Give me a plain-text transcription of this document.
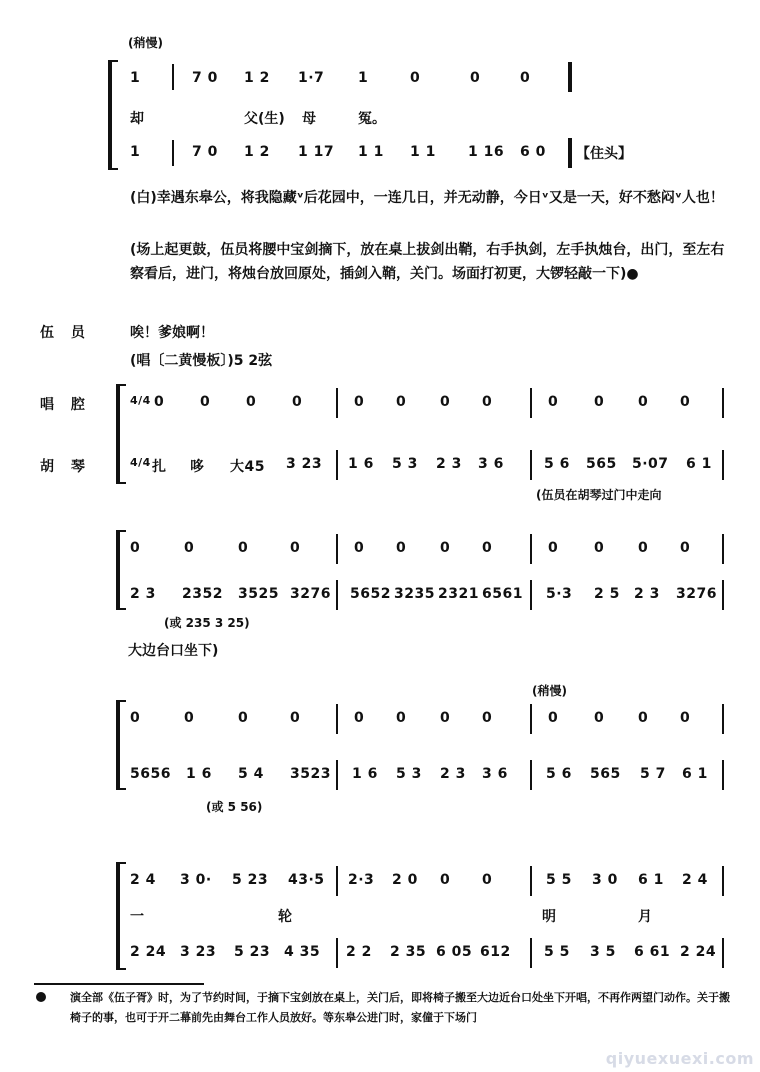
(稍慢)
1	7 0 1 2 1·7 1	0	0	0
却	父(生) 母	冤。
1	7 0 1 2 1 17 1 1 1 1 1 16 6 0 【住头】
(白)幸遇东皋公，将我隐藏ᵛ后花园中，一连几日，并无动静，今日ᵛ又是一天，好不愁闷ᵛ人也！
(场上起更鼓，伍员将腰中宝剑摘下，放在桌上拔剑出鞘，右手执剑，左手执烛台，出门，至左右察看后，进门，将烛台放回原处，插剑入鞘，关门。场面打初更，大锣轻敲一下)●
伍 员	唉！爹娘啊！
(唱〔二黄慢板〕)5 2弦
唱 腔
胡 琴
4/4 0	0	0	0	0 0 0 0	0	0 0 0
4/4 扎 哆 大45 3 23 1 6 5 3 2 3 3 6	5 6 565 5·07 6 1
(伍员在胡琴过门中走向
0	0	0	0	0 0 0 0	0	0 0 0
2 3 2352 3525 3276 5652 3235 2321 6561 5·3 2 5 2 3 3276
(或 235 3 25)
大边台口坐下)
(稍慢)
0	0	0	0	0 0 0 0	0	0 0 0
5656 1 6 5 4 3523 1 6 5 3 2 3 3 6	5 6 565 5 7 6 1
(或 5 56)
2 4 3 0· 5 23 43·5 2·3 2 0 0 0	5 5 3 0 6 1 2 4
一	轮	明	月
2 24 3 23 5 23 4 35 2 2 2 35 6 05 612 5 5 3 5 6 61 2 24
演全部《伍子胥》时，为了节约时间，于摘下宝剑放在桌上，关门后，即将椅子搬至大边近台口处坐下开唱，不再作两望门动作。关于搬椅子的事，也可于开二幕前先由舞台工作人员放好。等东皋公进门时，家僮于下场门
qiyuexuexi.com
